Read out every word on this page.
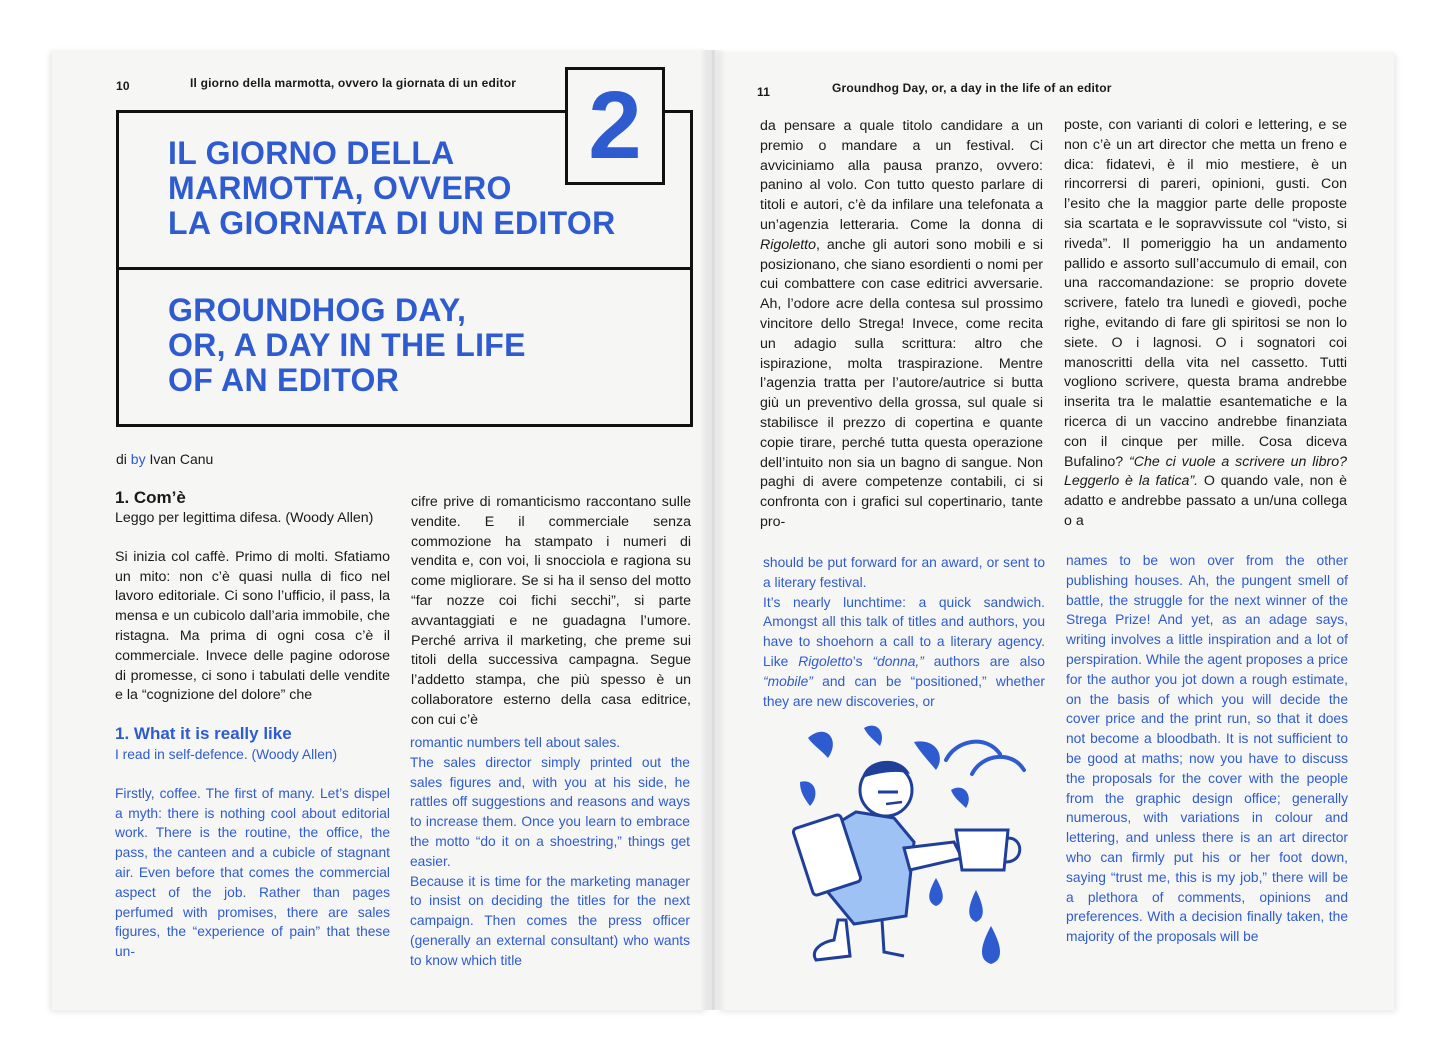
10	Il giorno della marmotta, ovvero la giornata di un editor 2
IL GIORNO DELLA
MARMOTTA, OVVERO
LA GIORNATA DI UN EDITOR
GROUNDHOG DAY,
OR, A DAY IN THE LIFE
OF AN EDITOR
di by Ivan Canu
1. Com’è

Leggo per legittima difesa. (Woody Allen)

Si inizia col caffè. Primo di molti. Sfatiamo un mito: non c’è quasi nulla di fico nel lavoro editoriale. Ci sono l’ufficio, il pass, la mensa e un cubicolo dall’aria immobile, che ristagna. Ma prima di ogni cosa c’è il commerciale. Invece delle pagine odorose di promesse, ci sono i tabulati delle vendite e la “cognizione del dolore” che

1. What it is really like

I read in self-defence. (Woody Allen)

Firstly, coffee. The first of many. Let’s dispel a myth: there is nothing cool about editorial work. There is the routine, the office, the pass, the canteen and a cubicle of stagnant air. Even before that comes the commercial aspect of the job. Rather than pages perfumed with promises, there are sales figures, the “experience of pain” that these un-

cifre prive di romanticismo raccontano sulle vendite. E il commerciale senza commozione ha stampato i numeri di vendita e, con voi, li snocciola e ragiona su come migliorare. Se si ha il senso del motto “far nozze coi fichi secchi”, si parte avvantaggiati e ne guadagna l’umore. Perché arriva il marketing, che preme sui titoli della successiva campagna. Segue l’addetto stampa, che più spesso è un collaboratore esterno della casa editrice, con cui c’è

romantic numbers tell about sales.

The sales director simply printed out the sales figures and, with you at his side, he rattles off suggestions and reasons and ways to increase them. Once you learn to embrace the motto “do it on a shoestring,” things get easier.

Because it is time for the marketing manager to insist on deciding the titles for the next campaign. Then comes the press officer (generally an external consultant) who wants to know which title

11	Groundhog Day, or, a day in the life of an editor

da pensare a quale titolo candidare a un premio o mandare a un festival. Ci avviciniamo alla pausa pranzo, ovvero: panino al volo. Con tutto questo parlare di titoli e autori, c’è da infilare una telefonata a un’agenzia letteraria. Come la donna di Rigoletto, anche gli autori sono mobili e si posizionano, che siano esordienti o nomi per cui combattere con case editrici avversarie. Ah, l’odore acre della contesa sul prossimo vincitore dello Strega! Invece, come recita un adagio sulla scrittura: altro che ispirazione, molta traspirazione. Mentre l’agenzia tratta per l’autore/autrice si butta giù un preventivo della grossa, sul quale si stabilisce il prezzo di copertina e quante copie tirare, perché tutta questa operazione dell’intuito non sia un bagno di sangue. Non paghi di avere competenze contabili, ci si confronta con i grafici sul copertinario, tante pro-

poste, con varianti di colori e lettering, e se non c’è un art director che metta un freno e dica: fidatevi, è il mio mestiere, è un rincorrersi di pareri, opinioni, gusti. Con l’esito che la maggior parte delle proposte sia scartata e le sopravvissute col “visto, si riveda”. Il pomeriggio ha un andamento pallido e assorto sull’accumulo di email, con una raccomandazione: se proprio dovete scrivere, fatelo tra lunedì e giovedì, poche righe, evitando di fare gli spiritosi se non lo siete. O i lagnosi. O i sognatori coi manoscritti della vita nel cassetto. Tutti vogliono scrivere, questa brama andrebbe inserita tra le malattie esantematiche e la ricerca di un vaccino andrebbe finanziata con il cinque per mille. Cosa diceva Bufalino? “Che ci vuole a scrivere un libro? Leggerlo è la fatica”. O quando vale, non è adatto e andrebbe passato a un/una collega o a

should be put forward for an award, or sent to a literary festival.

It’s nearly lunchtime: a quick sandwich. Amongst all this talk of titles and authors, you have to shoehorn a call to a literary agency. Like Rigoletto’s “donna,” authors are also “mobile” and can be “positioned,” whether they are new discoveries, or

names to be won over from the other publishing houses. Ah, the pungent smell of battle, the struggle for the next winner of the Strega Prize! And yet, as an adage says, writing involves a little inspiration and a lot of perspiration. While the agent proposes a price for the author you jot down a rough estimate, on the basis of which you will decide the cover price and the print run, so that it does not become a bloodbath. It is not sufficient to be good at maths; now you have to discuss the proposals for the cover with the people from the graphic design office; generally numerous, with variations in colour and lettering, and unless there is an art director who can firmly put his or her foot down, saying “trust me, this is my job,” there will be a plethora of comments, opinions and preferences. With a decision finally taken, the majority of the proposals will be
